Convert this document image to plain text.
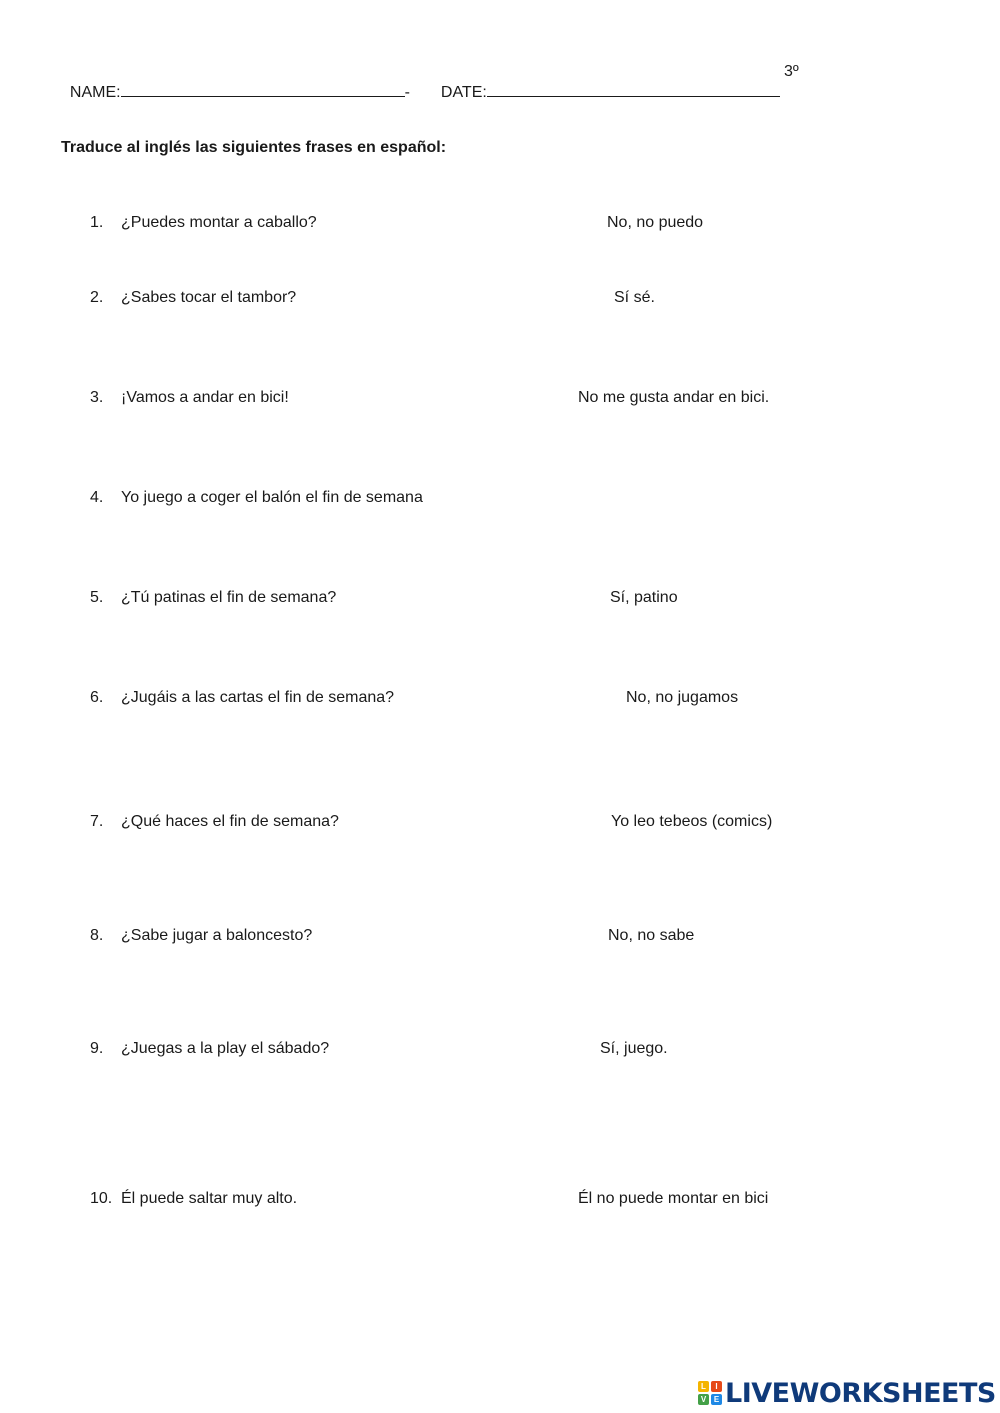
NAME:	-	DATE:

3º
Traduce al inglés las siguientes frases en español:
1. ¿Puedes montar a caballo?	No, no puedo
2. ¿Sabes tocar el tambor?	Sí sé.
3. ¡Vamos a andar en bici!	No me gusta andar en bici.
4. Yo juego a coger el balón el fin de semana
5. ¿Tú patinas el fin de semana?	Sí, patino
6. ¿Jugáis a las cartas el fin de semana?	No, no jugamos
7. ¿Qué haces el fin de semana?	Yo leo tebeos (comics)
8. ¿Sabe jugar a baloncesto?	No, no sabe
9. ¿Juegas a la play el sábado?	Sí, juego.
10. Él puede saltar muy alto.	Él no puede montar en bici
L	I
V E LIVEWORKSHEETS
